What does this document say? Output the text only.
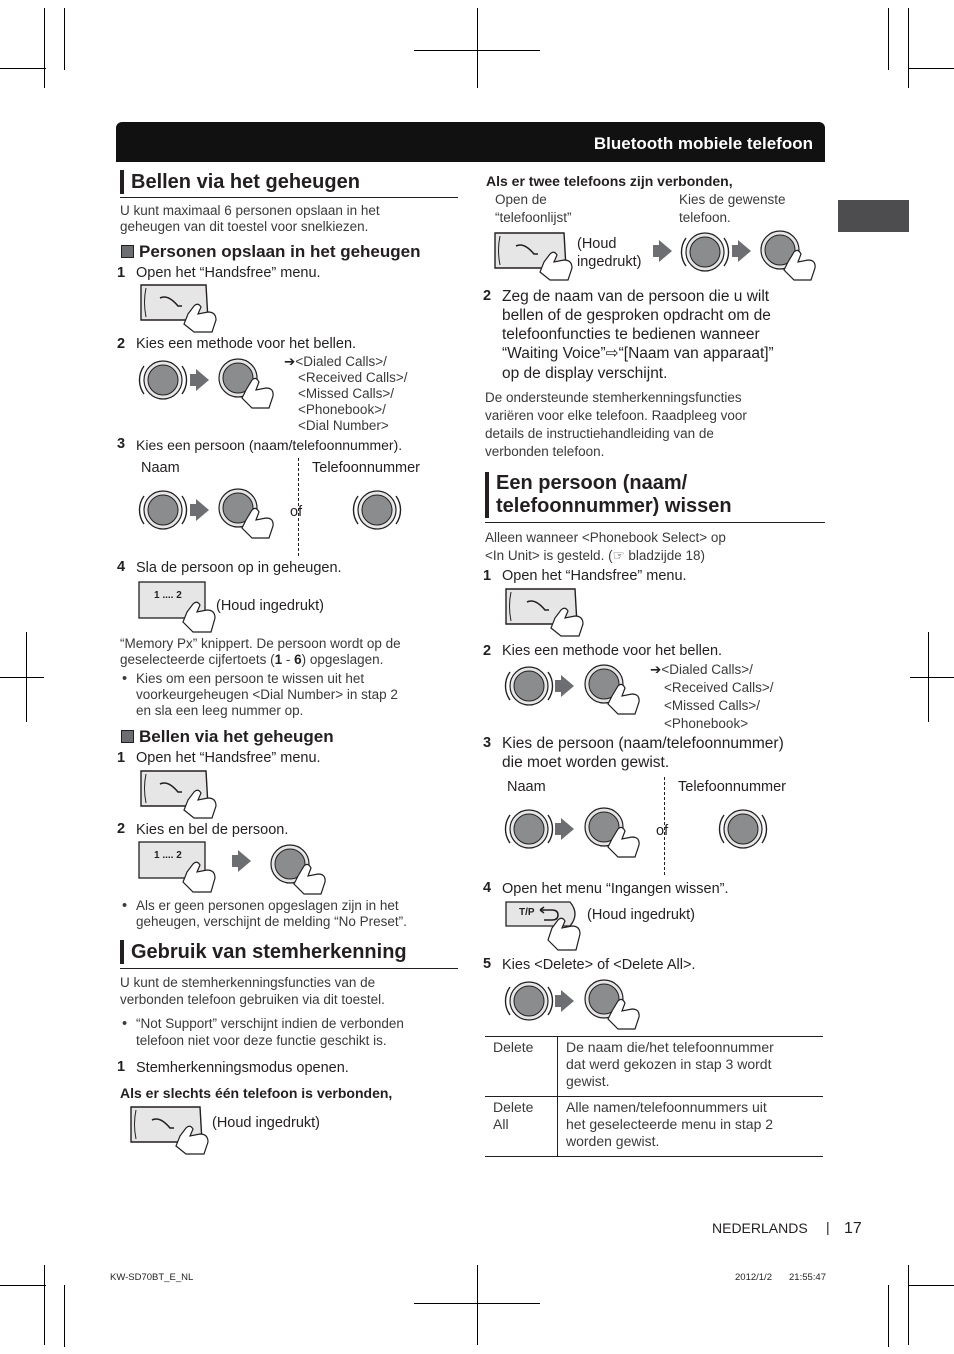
Bluetooth mobiele telefoon
Bellen via het geheugen
U kunt maximaal 6 personen opslaan in het
geheugen van dit toestel voor snelkiezen.
Personen opslaan in het geheugen
1 Open het “Handsfree” menu.
2 Kies een methode voor het bellen.
➔<Dialed Calls>/
<Received Calls>/
<Missed Calls>/
<Phonebook>/
<Dial Number>
3 Kies een persoon (naam/telefoonnummer).
Naam	Telefoonnummer
of
4 Sla de persoon op in geheugen.
1 .... 2
(Houd ingedrukt)
“Memory Px” knippert. De persoon wordt op de
geselecteerde cijfertoets (1 - 6) opgeslagen.
• Kies om een persoon te wissen uit het
voorkeurgeheugen <Dial Number> in stap 2
en sla een leeg nummer op.
Bellen via het geheugen
1 Open het “Handsfree” menu.
2 Kies en bel de persoon.
1 .... 2
• Als er geen personen opgeslagen zijn in het
geheugen, verschijnt de melding “No Preset”.
Gebruik van stemherkenning
U kunt de stemherkenningsfuncties van de
verbonden telefoon gebruiken via dit toestel.
• “Not Support” verschijnt indien de verbonden
telefoon niet voor deze functie geschikt is.
1 Stemherkenningsmodus openen.
Als er slechts één telefoon is verbonden,
(Houd ingedrukt)
Als er twee telefoons zijn verbonden,
Open de
“telefoonlijst”
Kies de gewenste
telefoon.
(Houd
ingedrukt)
2 Zeg de naam van de persoon die u wilt
bellen of de gesproken opdracht om de
telefoonfuncties te bedienen wanneer
“Waiting Voice”⇨“[Naam van apparaat]”
op de display verschijnt.
De ondersteunde stemherkenningsfuncties
variëren voor elke telefoon. Raadpleeg voor
details de instructiehandleiding van de
verbonden telefoon.
Een persoon (naam/
telefoonnummer) wissen
Alleen wanneer <Phonebook Select> op
<In Unit> is gesteld. (☞ bladzijde 18)
1 Open het “Handsfree” menu.
2 Kies een methode voor het bellen.
➔<Dialed Calls>/
<Received Calls>/
<Missed Calls>/
<Phonebook>
3 Kies de persoon (naam/telefoonnummer)
die moet worden gewist.
Naam	Telefoonnummer
of
4 Open het menu “Ingangen wissen”.
T/P	(Houd ingedrukt)
5 Kies <Delete> of <Delete All>.
Delete	De naam die/het telefoonnummer
dat werd gekozen in stap 3 wordt
gewist.
Delete
All	Alle namen/telefoonnummers uit
het geselecteerde menu in stap 2
worden gewist.
NEDERLANDS | 17
KW-SD70BT_E_NL	2012/1/2 21:55:47
